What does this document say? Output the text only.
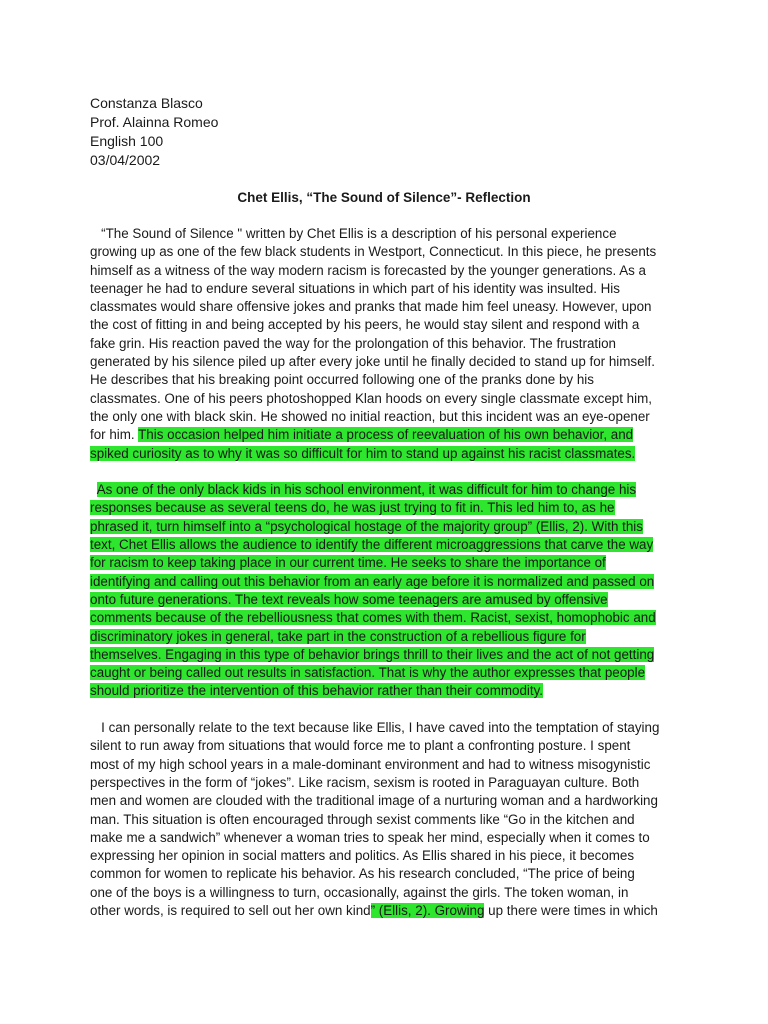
Constanza Blasco
Prof. Alainna Romeo
English 100
03/04/2002
Chet Ellis, “The Sound of Silence”- Reflection
“The Sound of Silence " written by Chet Ellis is a description of his personal experience
growing up as one of the few black students in Westport, Connecticut. In this piece, he presents
himself as a witness of the way modern racism is forecasted by the younger generations. As a
teenager he had to endure several situations in which part of his identity was insulted. His
classmates would share offensive jokes and pranks that made him feel uneasy. However, upon
the cost of fitting in and being accepted by his peers, he would stay silent and respond with a
fake grin. His reaction paved the way for the prolongation of this behavior. The frustration
generated by his silence piled up after every joke until he finally decided to stand up for himself.
He describes that his breaking point occurred following one of the pranks done by his
classmates. One of his peers photoshopped Klan hoods on every single classmate except him,
the only one with black skin. He showed no initial reaction, but this incident was an eye-opener
for him. This occasion helped him initiate a process of reevaluation of his own behavior, and
spiked curiosity as to why it was so difficult for him to stand up against his racist classmates.
As one of the only black kids in his school environment, it was difficult for him to change his
responses because as several teens do, he was just trying to fit in. This led him to, as he
phrased it, turn himself into a “psychological hostage of the majority group” (Ellis, 2). With this
text, Chet Ellis allows the audience to identify the different microaggressions that carve the way
for racism to keep taking place in our current time. He seeks to share the importance of
identifying and calling out this behavior from an early age before it is normalized and passed on
onto future generations. The text reveals how some teenagers are amused by offensive
comments because of the rebelliousness that comes with them. Racist, sexist, homophobic and
discriminatory jokes in general, take part in the construction of a rebellious figure for
themselves. Engaging in this type of behavior brings thrill to their lives and the act of not getting
caught or being called out results in satisfaction. That is why the author expresses that people
should prioritize the intervention of this behavior rather than their commodity.
I can personally relate to the text because like Ellis, I have caved into the temptation of staying
silent to run away from situations that would force me to plant a confronting posture. I spent
most of my high school years in a male-dominant environment and had to witness misogynistic
perspectives in the form of “jokes”. Like racism, sexism is rooted in Paraguayan culture. Both
men and women are clouded with the traditional image of a nurturing woman and a hardworking
man. This situation is often encouraged through sexist comments like “Go in the kitchen and
make me a sandwich” whenever a woman tries to speak her mind, especially when it comes to
expressing her opinion in social matters and politics. As Ellis shared in his piece, it becomes
common for women to replicate his behavior. As his research concluded, “The price of being
one of the boys is a willingness to turn, occasionally, against the girls. The token woman, in
other words, is required to sell out her own kind” (Ellis, 2). Growing up there were times in which
